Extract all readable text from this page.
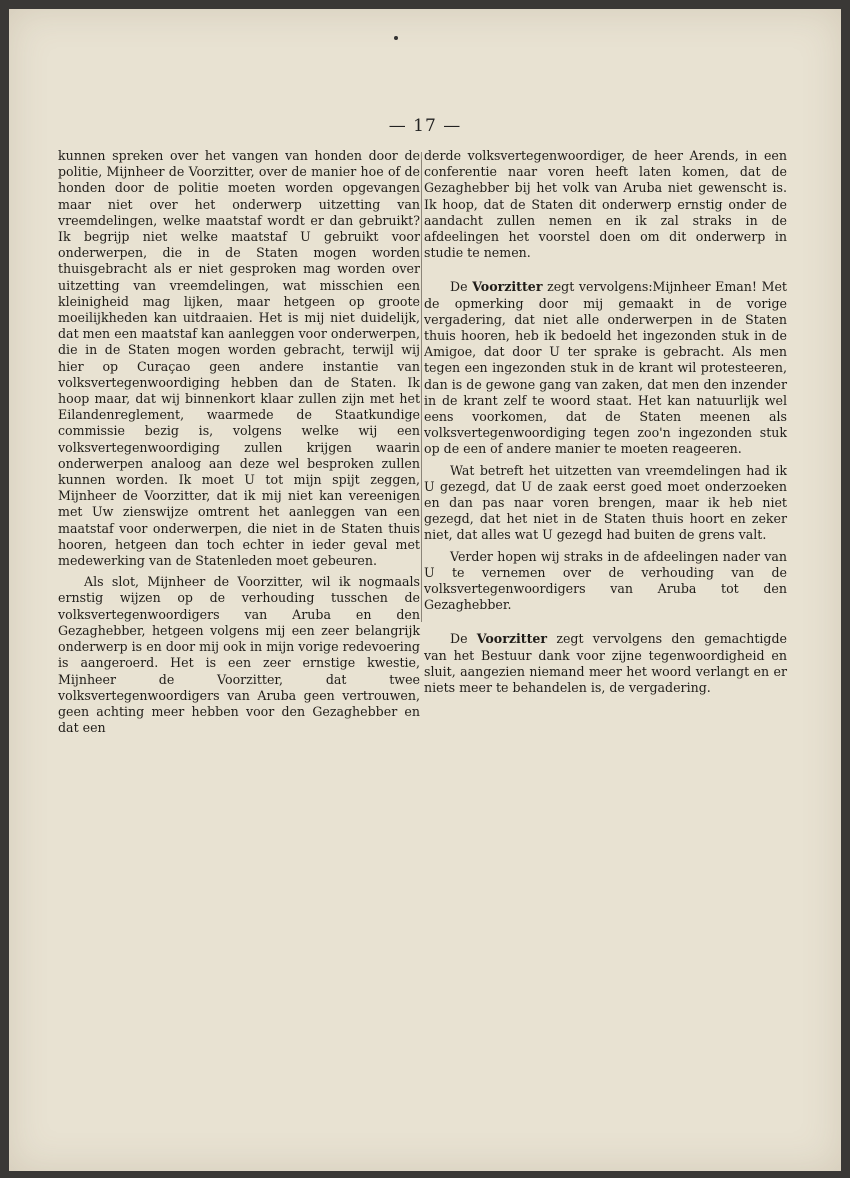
— 17 —

kunnen spreken over het vangen van honden door de politie, Mijnheer de Voorzitter, over de manier hoe of de honden door de politie moeten worden opgevangen maar niet over het onderwerp uitzetting van vreemdelingen, welke maatstaf wordt er dan gebruikt? Ik begrijp niet welke maatstaf U gebruikt voor onderwerpen, die in de Staten mogen worden thuisgebracht als er niet gesproken mag worden over uitzetting van vreemdelingen, wat misschien een kleinigheid mag lijken, maar hetgeen op groote moeilijkheden kan uitdraaien. Het is mij niet duidelijk, dat men een maatstaf kan aanleggen voor onderwerpen, die in de Staten mogen worden gebracht, terwijl wij hier op Curaçao geen andere instantie van volksvertegenwoordiging hebben dan de Staten. Ik hoop maar, dat wij binnenkort klaar zullen zijn met het Eilandenreglement, waarmede de Staatkundige commissie bezig is, volgens welke wij een volksvertegenwoordiging zullen krijgen waarin onderwerpen analoog aan deze wel besproken zullen kunnen worden. Ik moet U tot mijn spijt zeggen, Mijnheer de Voorzitter, dat ik mij niet kan vereenigen met Uw zienswijze omtrent het aanleggen van een maatstaf voor onderwerpen, die niet in de Staten thuis hooren, hetgeen dan toch echter in ieder geval met medewerking van de Statenleden moet gebeuren.

Als slot, Mijnheer de Voorzitter, wil ik nogmaals ernstig wijzen op de verhouding tusschen de volksvertegenwoordigers van Aruba en den Gezaghebber, hetgeen volgens mij een zeer belangrijk onderwerp is en door mij ook in mijn vorige redevoering is aangeroerd. Het is een zeer ernstige kwestie, Mijnheer de Voorzitter, dat twee volksvertegenwoordigers van Aruba geen vertrouwen, geen achting meer hebben voor den Gezaghebber en dat een

derde volksvertegenwoordiger, de heer Arends, in een conferentie naar voren heeft laten komen, dat de Gezaghebber bij het volk van Aruba niet gewenscht is. Ik hoop, dat de Staten dit onderwerp ernstig onder de aandacht zullen nemen en ik zal straks in de afdeelingen het voorstel doen om dit onderwerp in studie te nemen.

De Voorzitter zegt vervolgens:Mijnheer Eman! Met de opmerking door mij gemaakt in de vorige vergadering, dat niet alle onderwerpen in de Staten thuis hooren, heb ik bedoeld het ingezonden stuk in de Amigoe, dat door U ter sprake is gebracht. Als men tegen een ingezonden stuk in de krant wil protesteeren, dan is de gewone gang van zaken, dat men den inzender in de krant zelf te woord staat. Het kan natuurlijk wel eens voorkomen, dat de Staten meenen als volksvertegenwoordiging tegen zoo'n ingezonden stuk op de een of andere manier te moeten reageeren.

Wat betreft het uitzetten van vreemdelingen had ik U gezegd, dat U de zaak eerst goed moet onderzoeken en dan pas naar voren brengen, maar ik heb niet gezegd, dat het niet in de Staten thuis hoort en zeker niet, dat alles wat U gezegd had buiten de grens valt.

Verder hopen wij straks in de afdeelingen nader van U te vernemen over de verhouding van de volksvertegenwoordigers van Aruba tot den Gezaghebber.

De Voorzitter zegt vervolgens den gemachtigde van het Bestuur dank voor zijne tegenwoordigheid en sluit, aangezien niemand meer het woord verlangt en er niets meer te behandelen is, de vergadering.
